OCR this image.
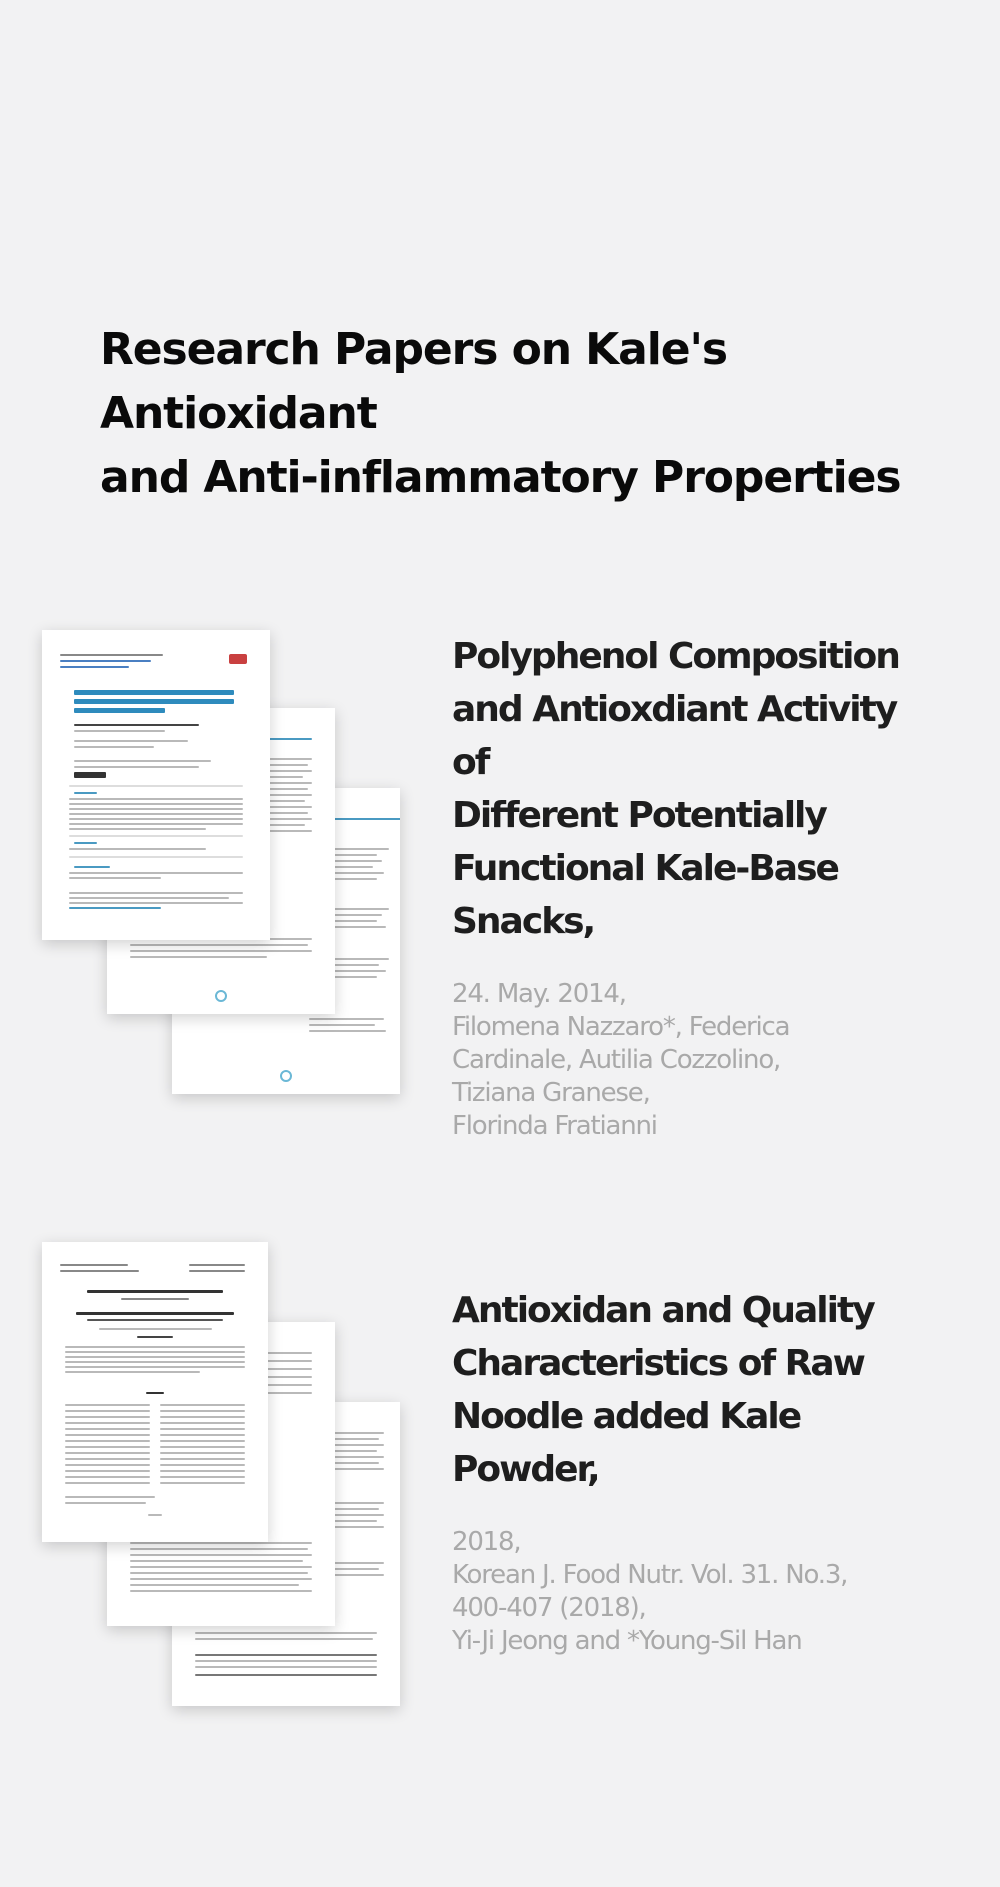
Research Papers on Kale's Antioxidant
and Anti-inflammatory Properties
Polyphenol Composition
and Antioxdiant Activity of
Different Potentially
Functional Kale-Base
Snacks,
24. May. 2014,
Filomena Nazzaro*, Federica
Cardinale, Autilia Cozzolino,
Tiziana Granese,
Florinda Fratianni
Antioxidan and Quality
Characteristics of Raw
Noodle added Kale
Powder,
2018,
Korean J. Food Nutr. Vol. 31. No.3,
400-407 (2018),
Yi-Ji Jeong and *Young-Sil Han
